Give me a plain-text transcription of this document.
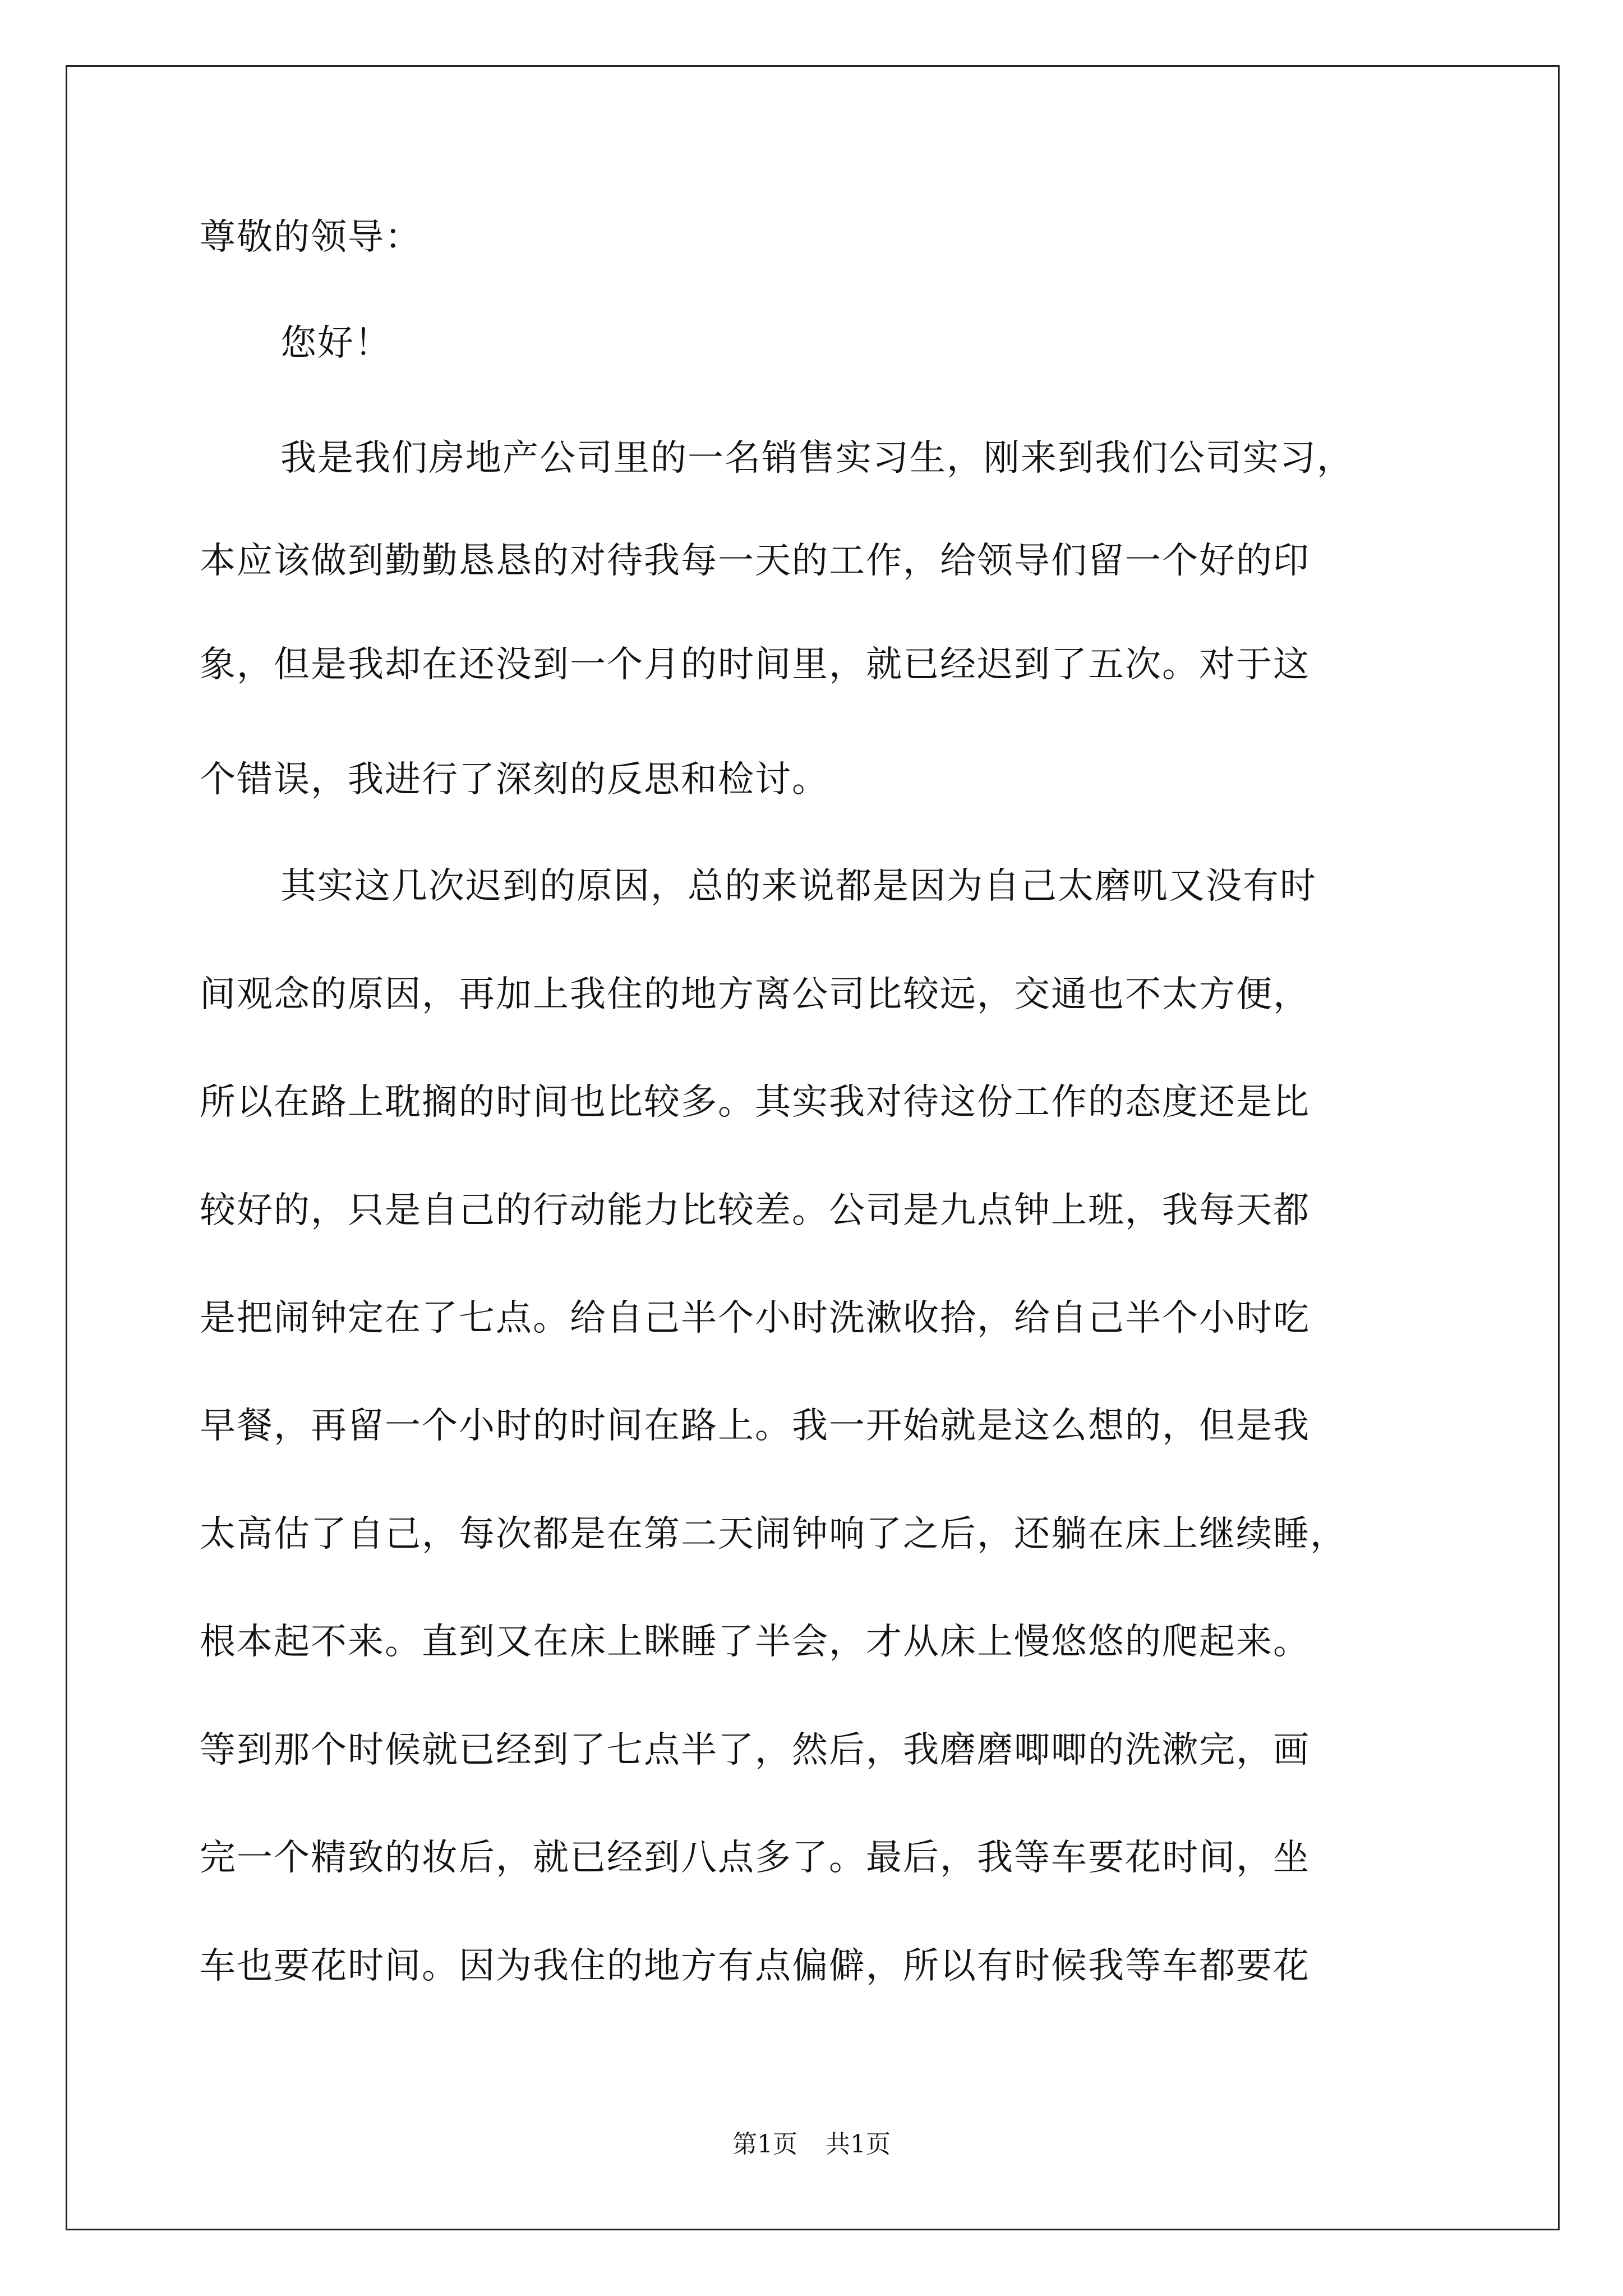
尊敬的领导：
您好！
我是我们房地产公司里的一名销售实习生，刚来到我们公司实习，
本应该做到勤勤恳恳的对待我每一天的工作，给领导们留一个好的印
象，但是我却在还没到一个月的时间里，就已经迟到了五次。对于这
个错误，我进行了深刻的反思和检讨。
其实这几次迟到的原因，总的来说都是因为自己太磨叽又没有时
间观念的原因，再加上我住的地方离公司比较远，交通也不太方便，
所以在路上耽搁的时间也比较多。其实我对待这份工作的态度还是比
较好的，只是自己的行动能力比较差。公司是九点钟上班，我每天都
是把闹钟定在了七点。给自己半个小时洗漱收拾，给自己半个小时吃
早餐，再留一个小时的时间在路上。我一开始就是这么想的，但是我
太高估了自己，每次都是在第二天闹钟响了之后，还躺在床上继续睡，
根本起不来。直到又在床上眯睡了半会，才从床上慢悠悠的爬起来。
等到那个时候就已经到了七点半了，然后，我磨磨唧唧的洗漱完，画
完一个精致的妆后，就已经到八点多了。最后，我等车要花时间，坐
车也要花时间。因为我住的地方有点偏僻，所以有时候我等车都要花
第1页 共1页
